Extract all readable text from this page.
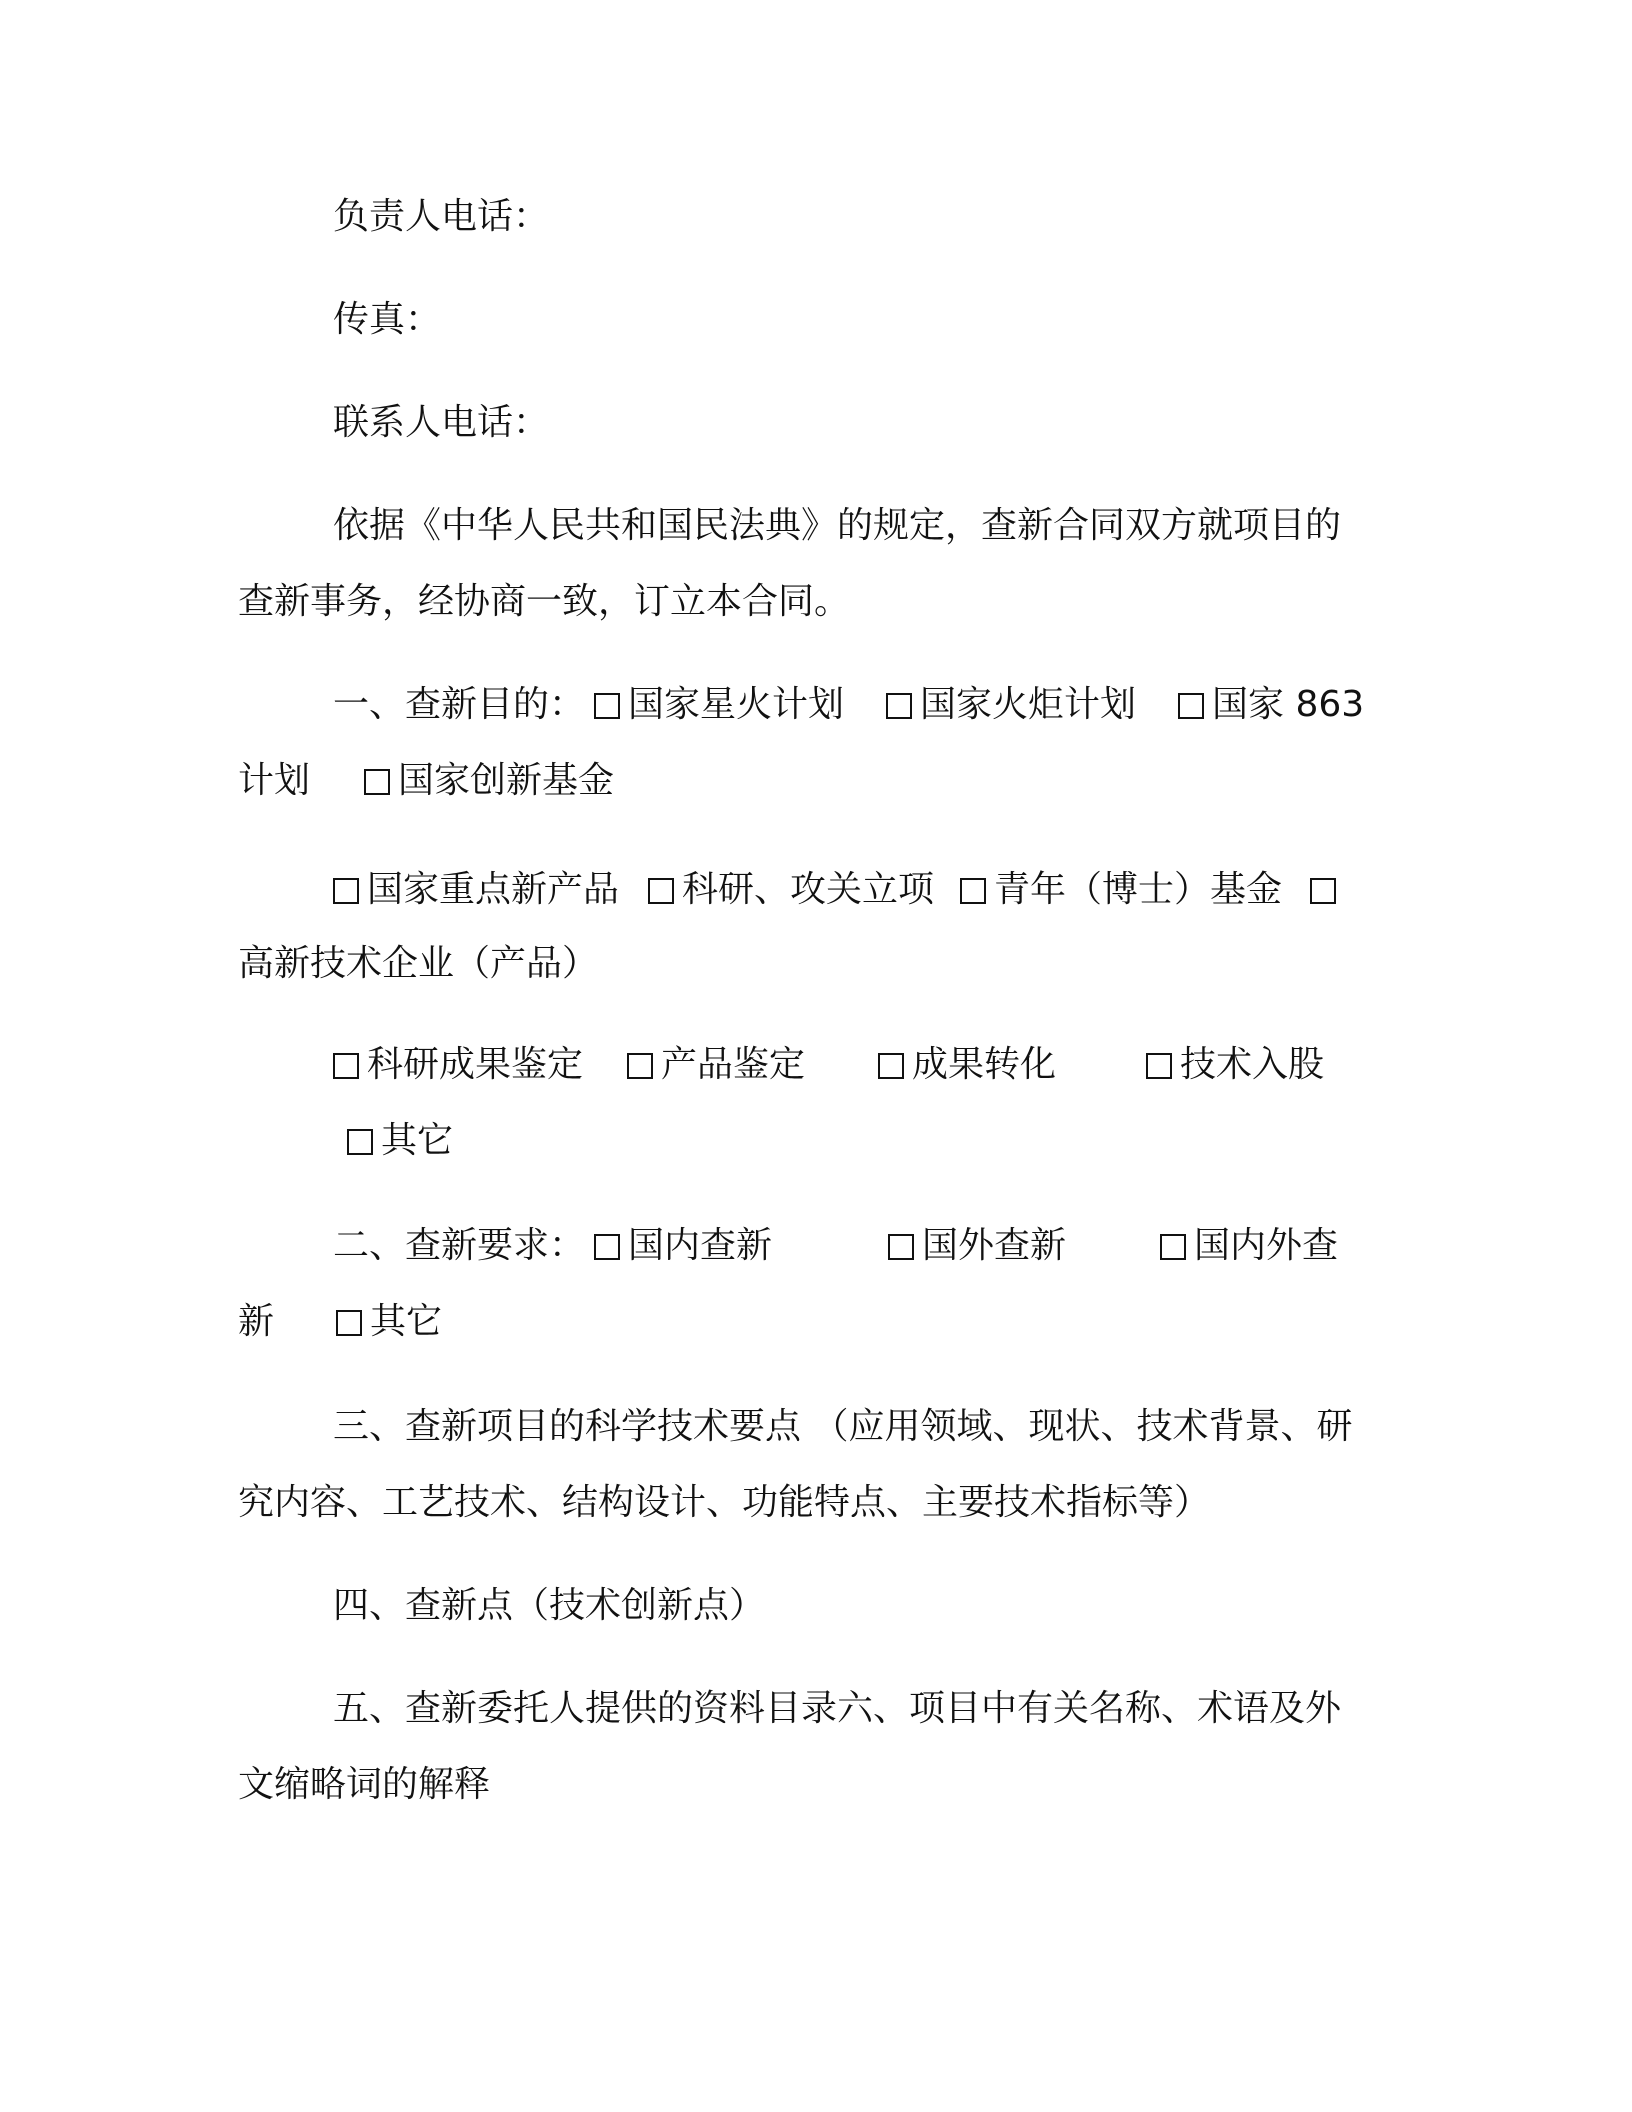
负责人电话：
传真：
联系人电话：
依据《中华人民共和国民法典》的规定，查新合同双方就项目的
查新事务，经协商一致，订立本合同。
一、查新目的：	国家星火计划	国家火炬计划	国家 863
计划	国家创新基金
国家重点新产品	科研、攻关立项	青年（博士）基金
高新技术企业（产品）
科研成果鉴定	产品鉴定	成果转化	技术入股
其它
二、查新要求：	国内查新	国外查新	国内外查
新	其它
三、查新项目的科学技术要点 （应用领域、现状、技术背景、研
究内容、工艺技术、结构设计、功能特点、主要技术指标等）
四、查新点（技术创新点）
五、查新委托人提供的资料目录六、项目中有关名称、术语及外
文缩略词的解释
